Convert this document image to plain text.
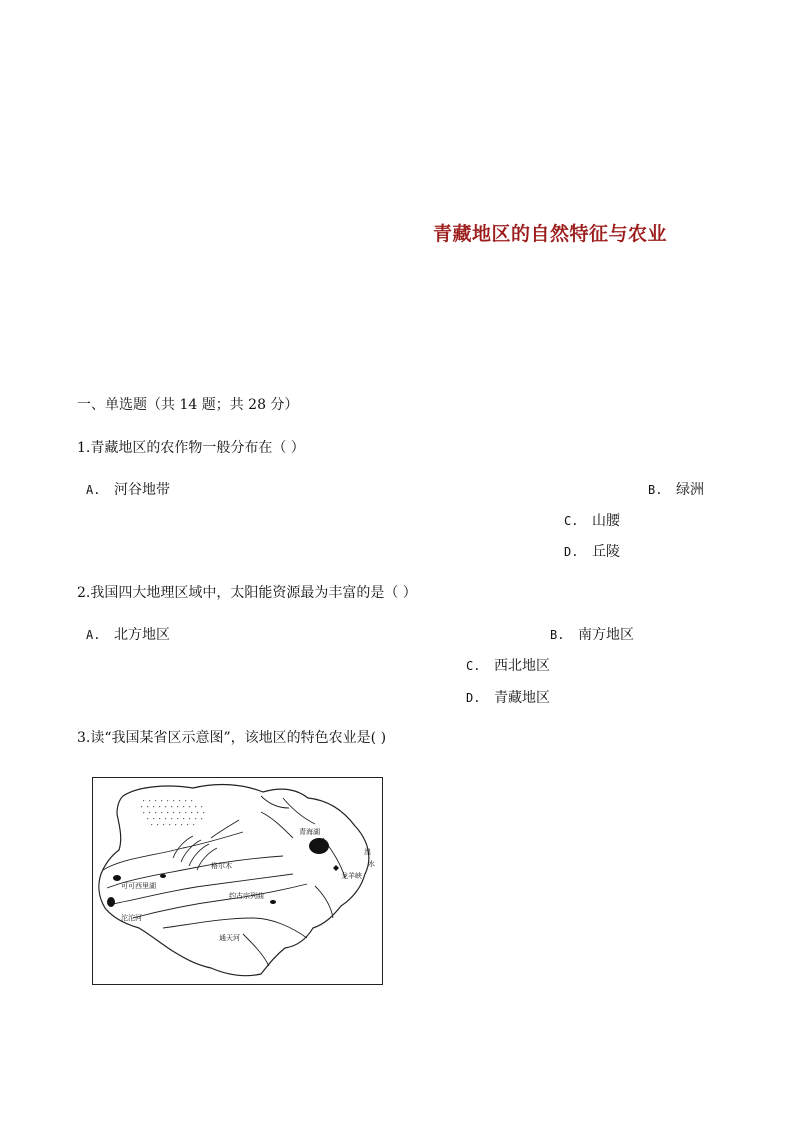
青藏地区的自然特征与农业
一、单选题（共 14 题；共 28 分）
1.青藏地区的农作物一般分布在（ ）
A. 河谷地带	B. 绿洲
C. 山腰
D. 丘陵
2.我国四大地理区域中，太阳能资源最为丰富的是（ ）
A. 北方地区	B. 南方地区
C. 西北地区
D. 青藏地区
3.读“我国某省区示意图”，该地区的特色农业是( )
青海湖
湟
水
龙羊峡
格尔木
可可西里湖
约古宗列曲
沱沱河
通天河
